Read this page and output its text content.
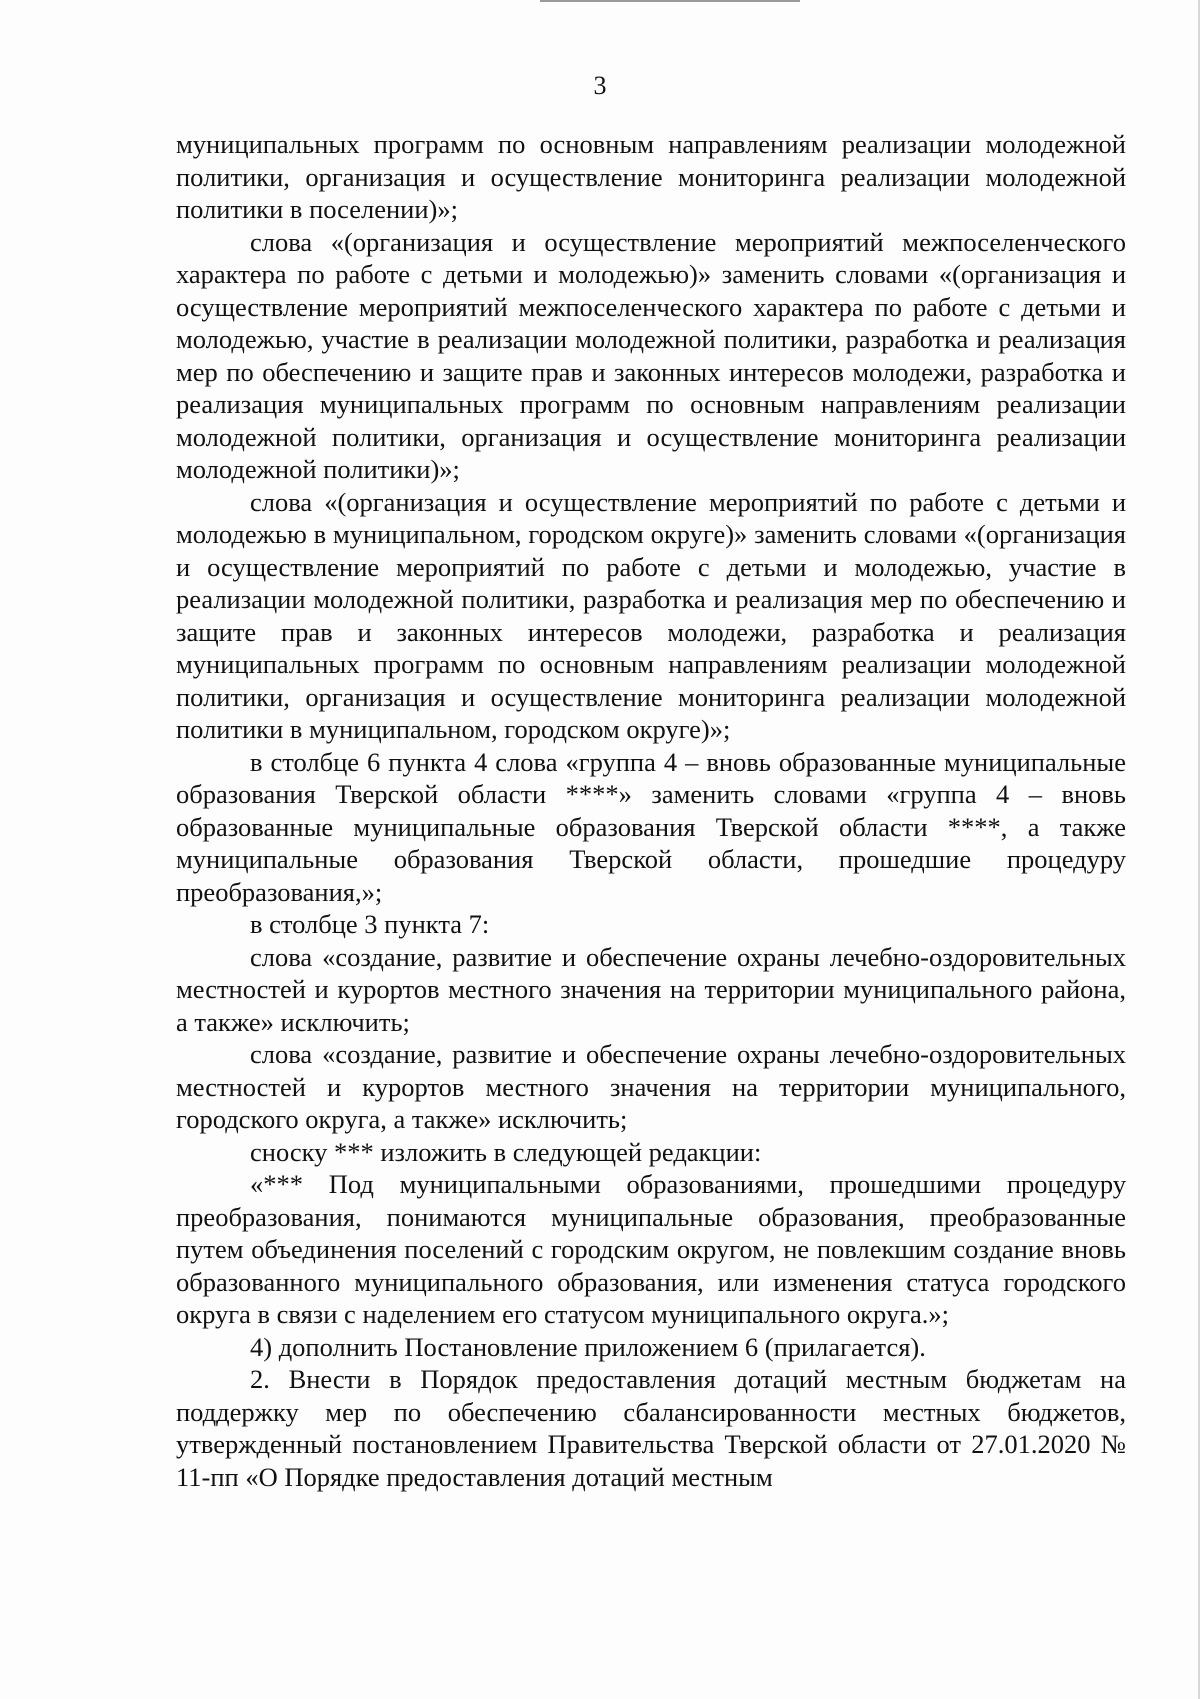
3

муниципальных программ по основным направлениям реализации молодежной политики, организация и осуществление мониторинга реализации молодежной политики в поселении)»;

слова «(организация и осуществление мероприятий межпоселенческого характера по работе с детьми и молодежью)» заменить словами «(организация и осуществление мероприятий межпоселенческого характера по работе с детьми и молодежью, участие в реализации молодежной политики, разработка и реализация мер по обеспечению и защите прав и законных интересов молодежи, разработка и реализация муниципальных программ по основным направлениям реализации молодежной политики, организация и осуществление мониторинга реализации молодежной политики)»;

слова «(организация и осуществление мероприятий по работе с детьми и молодежью в муниципальном, городском округе)» заменить словами «(организация и осуществление мероприятий по работе с детьми и молодежью, участие в реализации молодежной политики, разработка и реализация мер по обеспечению и защите прав и законных интересов молодежи, разработка и реализация муниципальных программ по основным направлениям реализации молодежной политики, организация и осуществление мониторинга реализации молодежной политики в муниципальном, городском округе)»;

в столбце 6 пункта 4 слова «группа 4 – вновь образованные муниципальные образования Тверской области ****» заменить словами «группа 4 – вновь образованные муниципальные образования Тверской области ****, а также муниципальные образования Тверской области, прошедшие процедуру преобразования,»;

в столбце 3 пункта 7:

слова «создание, развитие и обеспечение охраны лечебно-оздоровительных местностей и курортов местного значения на территории муниципального района, а также» исключить;

слова «создание, развитие и обеспечение охраны лечебно-оздоровительных местностей и курортов местного значения на территории муниципального, городского округа, а также» исключить;

сноску *** изложить в следующей редакции:

«*** Под муниципальными образованиями, прошедшими процедуру преобразования, понимаются муниципальные образования, преобразованные путем объединения поселений с городским округом, не повлекшим создание вновь образованного муниципального образования, или изменения статуса городского округа в связи с наделением его статусом муниципального округа.»;

4) дополнить Постановление приложением 6 (прилагается).

2. Внести в Порядок предоставления дотаций местным бюджетам на поддержку мер по обеспечению сбалансированности местных бюджетов, утвержденный постановлением Правительства Тверской области от 27.01.2020 № 11-пп «О Порядке предоставления дотаций местным
